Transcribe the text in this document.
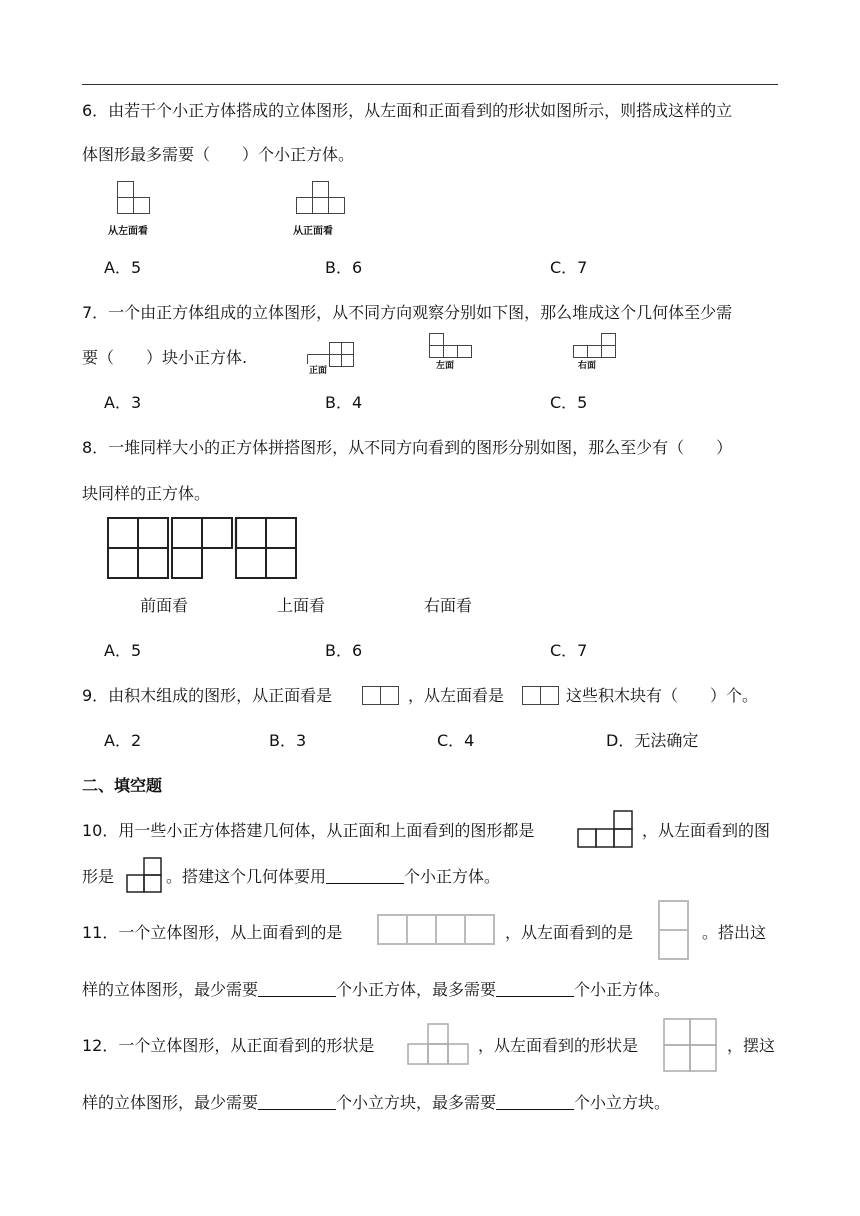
6．由若干个小正方体搭成的立体图形，从左面和正面看到的形状如图所示，则搭成这样的立
体图形最多需要（　　）个小正方体。
从左面看	从正面看
A．5	B．6	C．7
7．一个由正方体组成的立体图形，从不同方向观察分别如下图，那么堆成这个几何体至少需
要（　　）块小正方体.
正面	左面	右面
A．3	B．4	C．5
8．一堆同样大小的正方体拼搭图形，从不同方向看到的图形分别如图，那么至少有（　　）
块同样的正方体。
前面看	上面看	右面看
A．5	B．6	C．7
9．由积木组成的图形，从正面看是	，从左面看是	这些积木块有（　　）个。
A．2	B．3	C．4	D．无法确定
二、填空题
10．用一些小正方体搭建几何体，从正面和上面看到的图形都是	，从左面看到的图
形是	。搭建这个几何体要用	个小正方体。
11．一个立体图形，从上面看到的是	，从左面看到的是	。搭出这
样的立体图形，最少需要	个小正方体，最多需要	个小正方体。
12．一个立体图形，从正面看到的形状是	，从左面看到的形状是	，摆这
样的立体图形，最少需要	个小立方块，最多需要	个小立方块。
